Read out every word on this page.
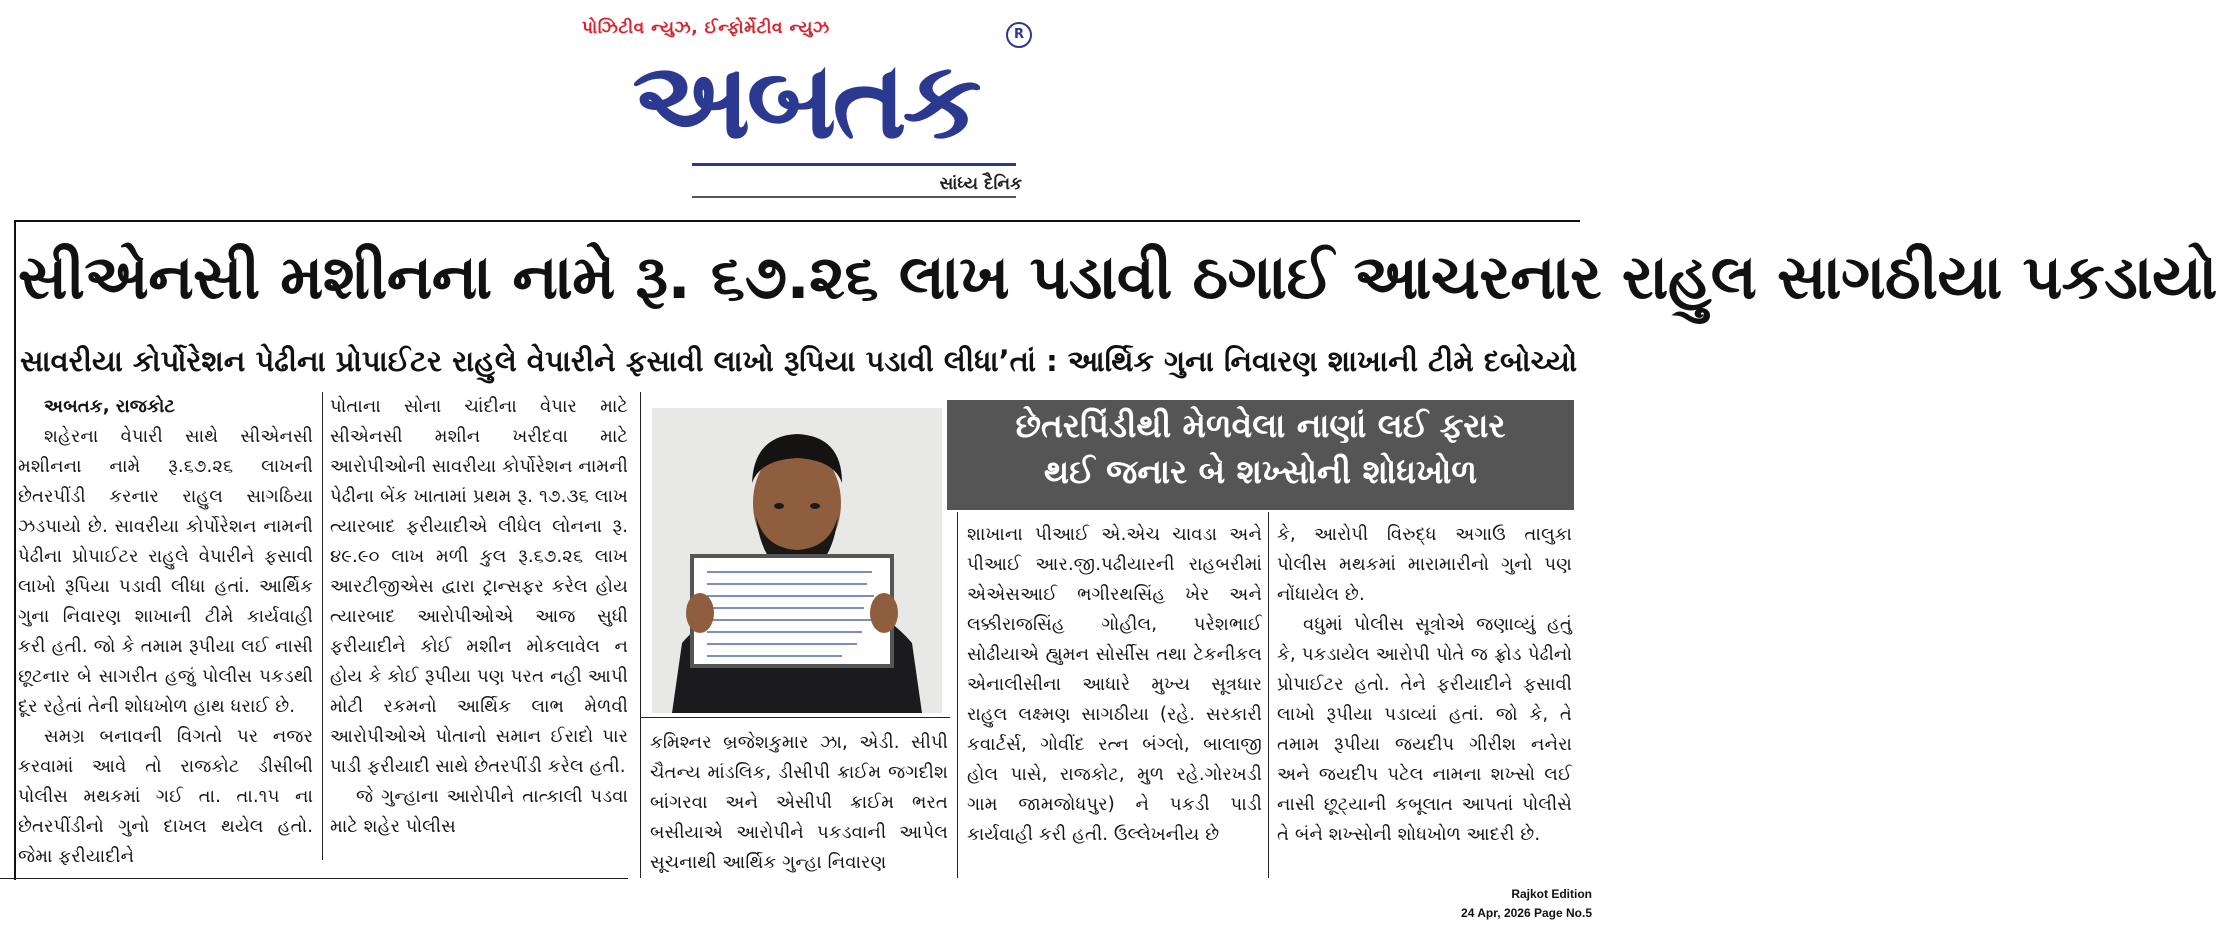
પોઝિટીવ ન્યુઝ, ઈન્ફોર્મેટીવ ન્યુઝ	R
અબતક
સાંધ્ય દૈનિક
સીએનસી મશીનના નામે રૂ. ૬૭.૨૬ લાખ પડાવી ઠગાઈ આચરનાર રાહુલ સાગઠીયા પકડાયો
સાવરીયા કોર્પોરેશન પેઢીના પ્રોપાઈટર રાહુલે વેપારીને ફસાવી લાખો રૂપિયા પડાવી લીધા’તાં : આર્થિક ગુના નિવારણ શાખાની ટીમે દબોચ્યો

અબતક, રાજકોટ

શહેરના વેપારી સાથે સીએનસી મશીનના નામે રૂ.૬૭.૨૬ લાખની છેતરપીંડી કરનાર રાહુલ સાગઠિયા ઝડપાયો છે. સાવરીયા કોર્પોરેશન નામની પેઢીના પ્રોપાઈટર રાહુલે વેપારીને ફસાવી લાખો રૂપિયા પડાવી લીધા હતાં. આર્થિક ગુના નિવારણ શાખાની ટીમે કાર્યવાહી કરી હતી. જો કે તમામ રૂપીયા લઈ નાસી છૂટનાર બે સાગરીત હજું પોલીસ પકડથી દૂર રહેતાં તેની શોધખોળ હાથ ધરાઈ છે.

સમગ્ર બનાવની વિગતો પર નજર કરવામાં આવે તો રાજકોટ ડીસીબી પોલીસ મથકમાં ગઈ તા. તા.૧૫ ના છેતરપીંડીનો ગુનો દાખલ થયેલ હતો. જેમા ફરીયાદીને

પોતાના સોના ચાંદીના વેપાર માટે સીએનસી મશીન ખરીદવા માટે આરોપીઓની સાવરીયા કોર્પોરેશન નામની પેઢીના બેંક ખાતામાં પ્રથમ રૂ. ૧૭.૩૬ લાખ ત્યારબાદ ફરીયાદીએ લીધેલ લોનના રૂ. ૪૯.૯૦ લાખ મળી કુલ રૂ.૬૭.૨૬ લાખ આરટીજીએસ દ્વારા ટ્રાન્સફર કરેલ હોય ત્યારબાદ આરોપીઓએ આજ સુધી ફરીયાદીને કોઈ મશીન મોકલાવેલ ન હોય કે કોઈ રૂપીયા પણ પરત નહી આપી મોટી રકમનો આર્થિક લાભ મેળવી આરોપીઓએ પોતાનો સમાન ઈરાદો પાર પાડી ફરીયાદી સાથે છેતરપીંડી કરેલ હતી.

જે ગુન્હાના આરોપીને તાત્કાલી પડવા માટે શહેર પોલીસ

કમિશ્નર બ્રજેશકુમાર ઝા, એડી. સીપી ચૈતન્ય માંડલિક, ડીસીપી ક્રાઈમ જગદીશ બાંગરવા અને એસીપી ક્રાઈમ ભરત બસીયાએ આરોપીને પકડવાની આપેલ સૂચનાથી આર્થિક ગુન્હા નિવારણ

છેતરપિંડીથી મેળવેલા નાણાં લઈ ફરાર
થઈ જનાર બે શખ્સોની શોધખોળ

શાખાના પીઆઈ એ.એચ ચાવડા અને પીઆઈ આર.જી.પઢીયારની રાહબરીમાં એએસઆઈ ભગીરથસિંહ ખેર અને લક્કીરાજસિંહ ગોહીલ, પરેશભાઈ સોઢીયાએ હ્યુમન સોર્સીસ તથા ટેકનીકલ એનાલીસીના આધારે મુખ્ય સૂત્રધાર રાહુલ લક્ષ્મણ સાગઠીયા (રહે. સરકારી કવાર્ટર્સ, ગોવીંદ રત્ન બંગ્લો, બાલાજી હોલ પાસે, રાજકોટ, મુળ રહે.ગોરખડી ગામ જામજોધપુર) ને પકડી પાડી કાર્યવાહી કરી હતી. ઉલ્લેખનીય છે

કે, આરોપી વિરુદ્ધ અગાઉ તાલુકા પોલીસ મથકમાં મારામારીનો ગુનો પણ નોંધાયેલ છે.

વધુમાં પોલીસ સૂત્રોએ જણાવ્યું હતું કે, પકડાયેલ આરોપી પોતે જ ફ્રોડ પેઢીનો પ્રોપાઈટર હતો. તેને ફરીયાદીને ફસાવી લાખો રૂપીયા પડાવ્યાં હતાં. જો કે, તે તમામ રૂપીયા જયદીપ ગીરીશ નનેરા અને જયદીપ પટેલ નામના શખ્સો લઈ નાસી છૂટ્યાની કબૂલાત આપતાં પોલીસે તે બંને શખ્સોની શોધખોળ આદરી છે.

Rajkot Edition
24 Apr, 2026 Page No.5
